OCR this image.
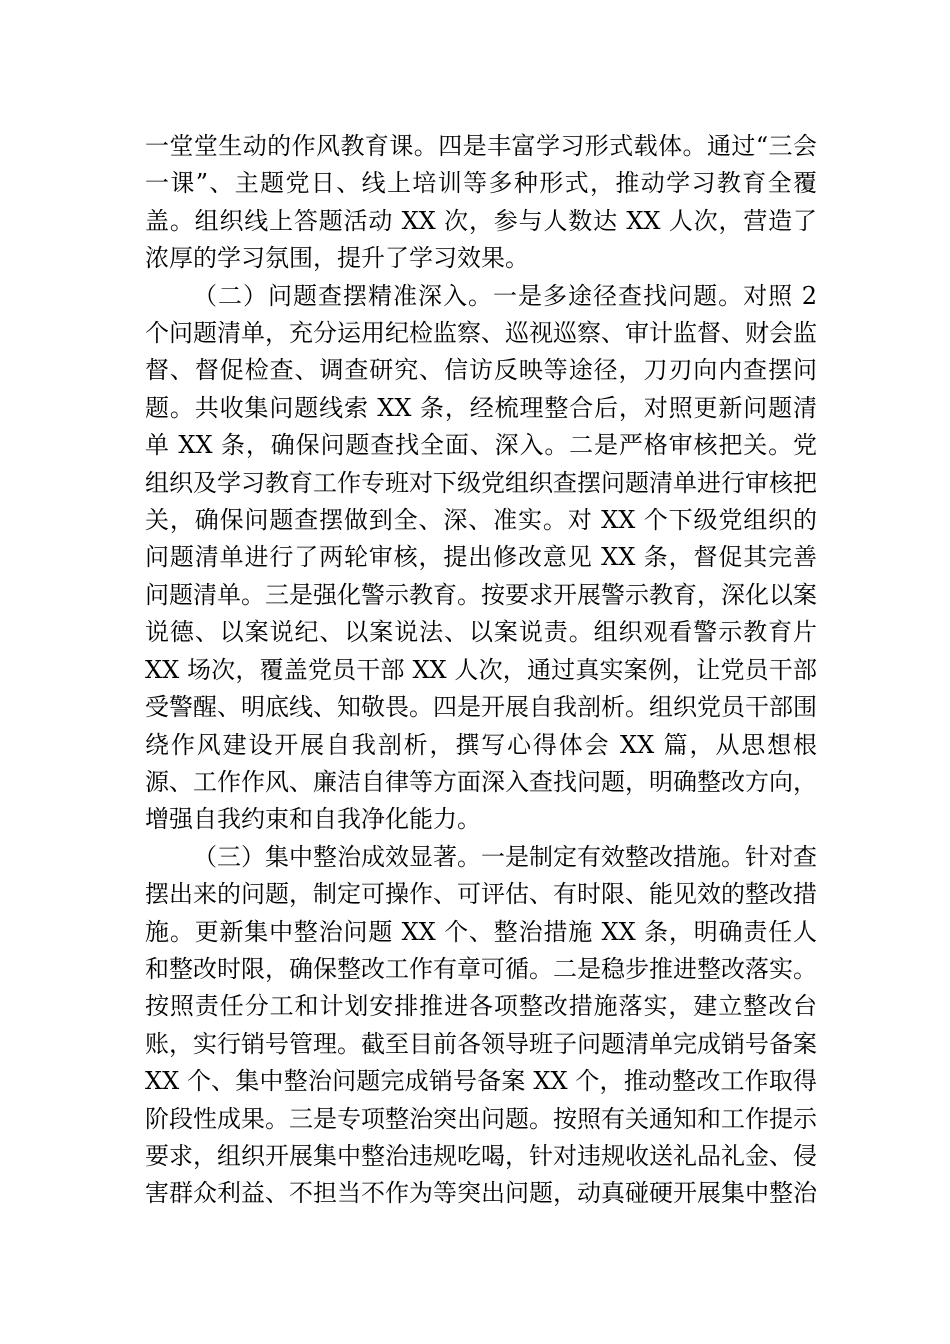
一堂堂生动的作风教育课。四是丰富学习形式载体。通过“三会一课”、主题党日、线上培训等多种形式，推动学习教育全覆盖。组织线上答题活动 XX 次，参与人数达 XX 人次，营造了浓厚的学习氛围，提升了学习效果。

（二）问题查摆精准深入。一是多途径查找问题。对照 2 个问题清单，充分运用纪检监察、巡视巡察、审计监督、财会监督、督促检查、调查研究、信访反映等途径，刀刃向内查摆问题。共收集问题线索 XX 条，经梳理整合后，对照更新问题清单 XX 条，确保问题查找全面、深入。二是严格审核把关。党组织及学习教育工作专班对下级党组织查摆问题清单进行审核把关，确保问题查摆做到全、深、准实。对 XX 个下级党组织的问题清单进行了两轮审核，提出修改意见 XX 条，督促其完善问题清单。三是强化警示教育。按要求开展警示教育，深化以案说德、以案说纪、以案说法、以案说责。组织观看警示教育片 XX 场次，覆盖党员干部 XX 人次，通过真实案例，让党员干部受警醒、明底线、知敬畏。四是开展自我剖析。组织党员干部围绕作风建设开展自我剖析，撰写心得体会 XX 篇，从思想根源、工作作风、廉洁自律等方面深入查找问题，明确整改方向，增强自我约束和自我净化能力。

（三）集中整治成效显著。一是制定有效整改措施。针对查摆出来的问题，制定可操作、可评估、有时限、能见效的整改措施。更新集中整治问题 XX 个、整治措施 XX 条，明确责任人和整改时限，确保整改工作有章可循。二是稳步推进整改落实。按照责任分工和计划安排推进各项整改措施落实，建立整改台账，实行销号管理。截至目前各领导班子问题清单完成销号备案 XX 个、集中整治问题完成销号备案 XX 个，推动整改工作取得阶段性成果。三是专项整治突出问题。按照有关通知和工作提示要求，组织开展集中整治违规吃喝，针对违规收送礼品礼金、侵害群众利益、不担当不作为等突出问题，动真碰硬开展集中整治
